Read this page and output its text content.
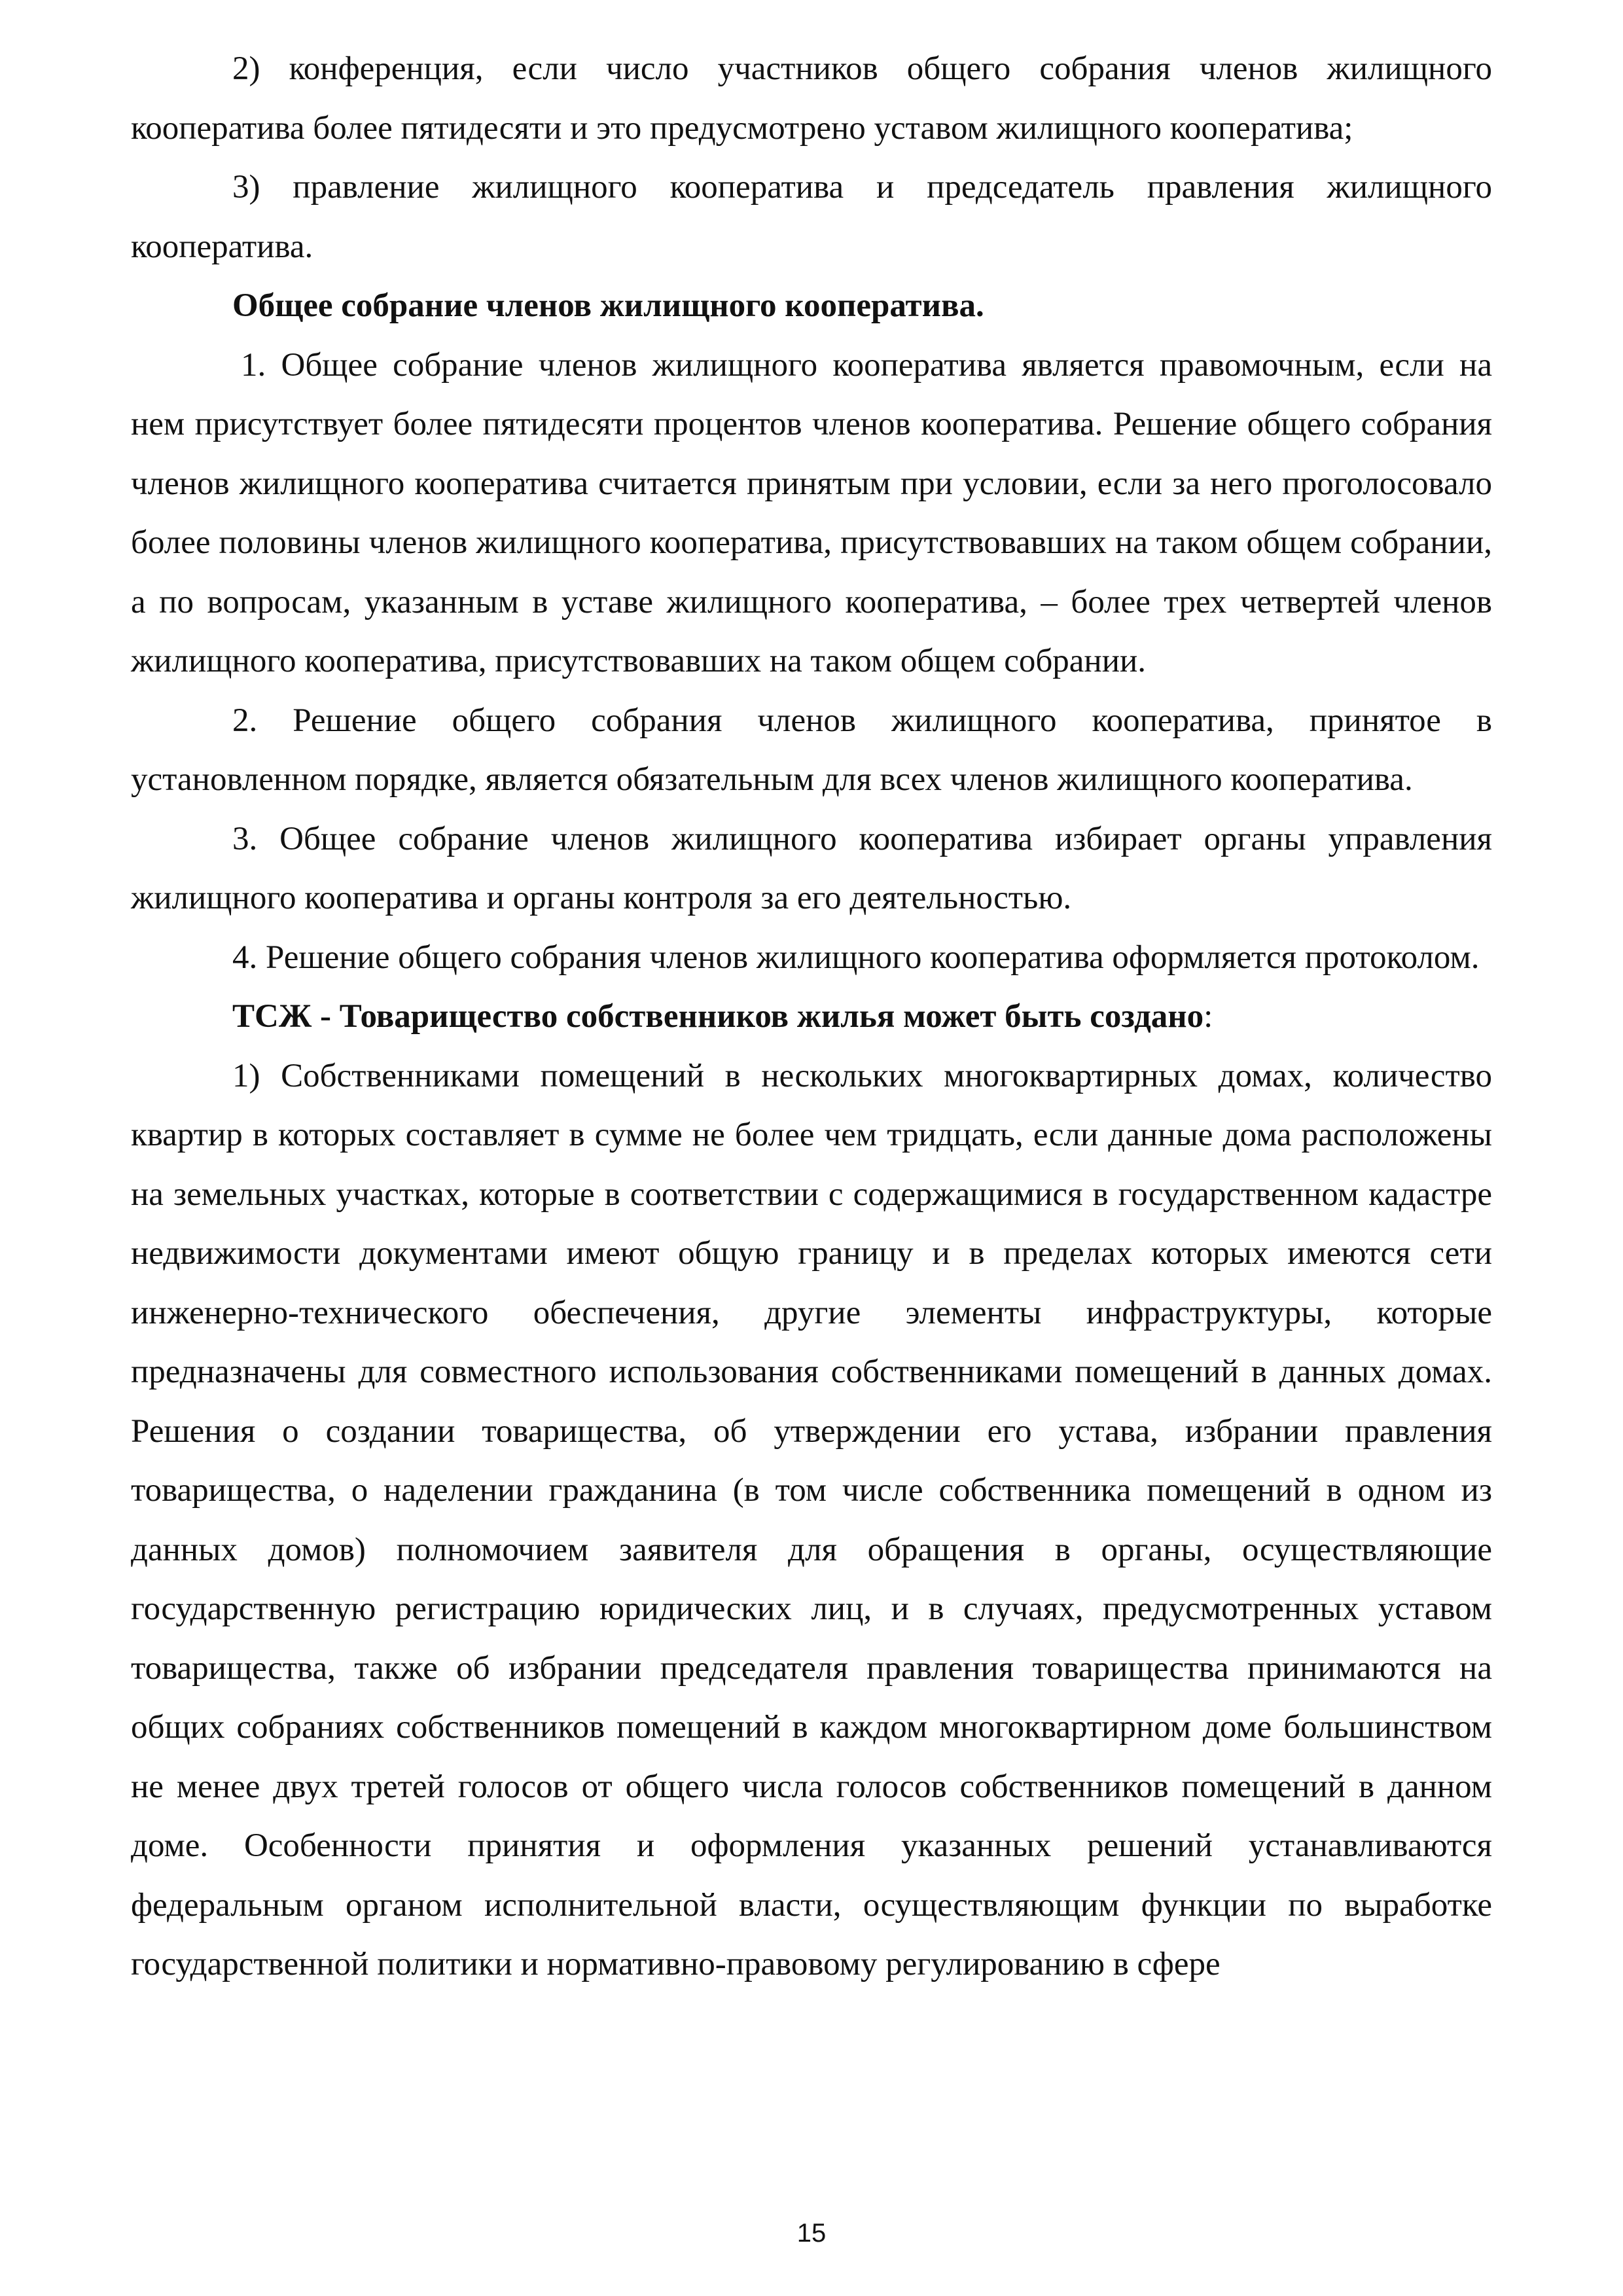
2) конференция, если число участников общего собрания членов жилищного кооператива более пятидесяти и это предусмотрено уставом жилищного кооператива;

3) правление жилищного кооператива и председатель правления жилищного кооператива.

Общее собрание членов жилищного кооператива.

1. Общее собрание членов жилищного кооператива является правомочным, если на нем присутствует более пятидесяти процентов членов кооператива. Решение общего собрания членов жилищного кооператива считается принятым при условии, если за него проголосовало более половины членов жилищного кооператива, присутствовавших на таком общем собрании, а по вопросам, указанным в уставе жилищного кооператива, – более трех четвертей членов жилищного кооператива, присутствовавших на таком общем собрании.

2. Решение общего собрания членов жилищного кооператива, принятое в установленном порядке, является обязательным для всех членов жилищного кооператива.

3. Общее собрание членов жилищного кооператива избирает органы управления жилищного кооператива и органы контроля за его деятельностью.

4. Решение общего собрания членов жилищного кооператива оформляется протоколом.

ТСЖ - Товарищество собственников жилья может быть создано:

1) Собственниками помещений в нескольких многоквартирных домах, количество квартир в которых составляет в сумме не более чем тридцать, если данные дома расположены на земельных участках, которые в соответствии с содержащимися в государственном кадастре недвижимости документами имеют общую границу и в пределах которых имеются сети инженерно-технического обеспечения, другие элементы инфраструктуры, которые предназначены для совместного использования собственниками помещений в данных домах. Решения о создании товарищества, об утверждении его устава, избрании правления товарищества, о наделении гражданина (в том числе собственника помещений в одном из данных домов) полномочием заявителя для обращения в органы, осуществляющие государственную регистрацию юридических лиц, и в случаях, предусмотренных уставом товарищества, также об избрании председателя правления товарищества принимаются на общих собраниях собственников помещений в каждом многоквартирном доме большинством не менее двух третей голосов от общего числа голосов собственников помещений в данном доме. Особенности принятия и оформления указанных решений устанавливаются федеральным органом исполнительной власти, осуществляющим функции по выработке государственной политики и нормативно-правовому регулированию в сфере

15
